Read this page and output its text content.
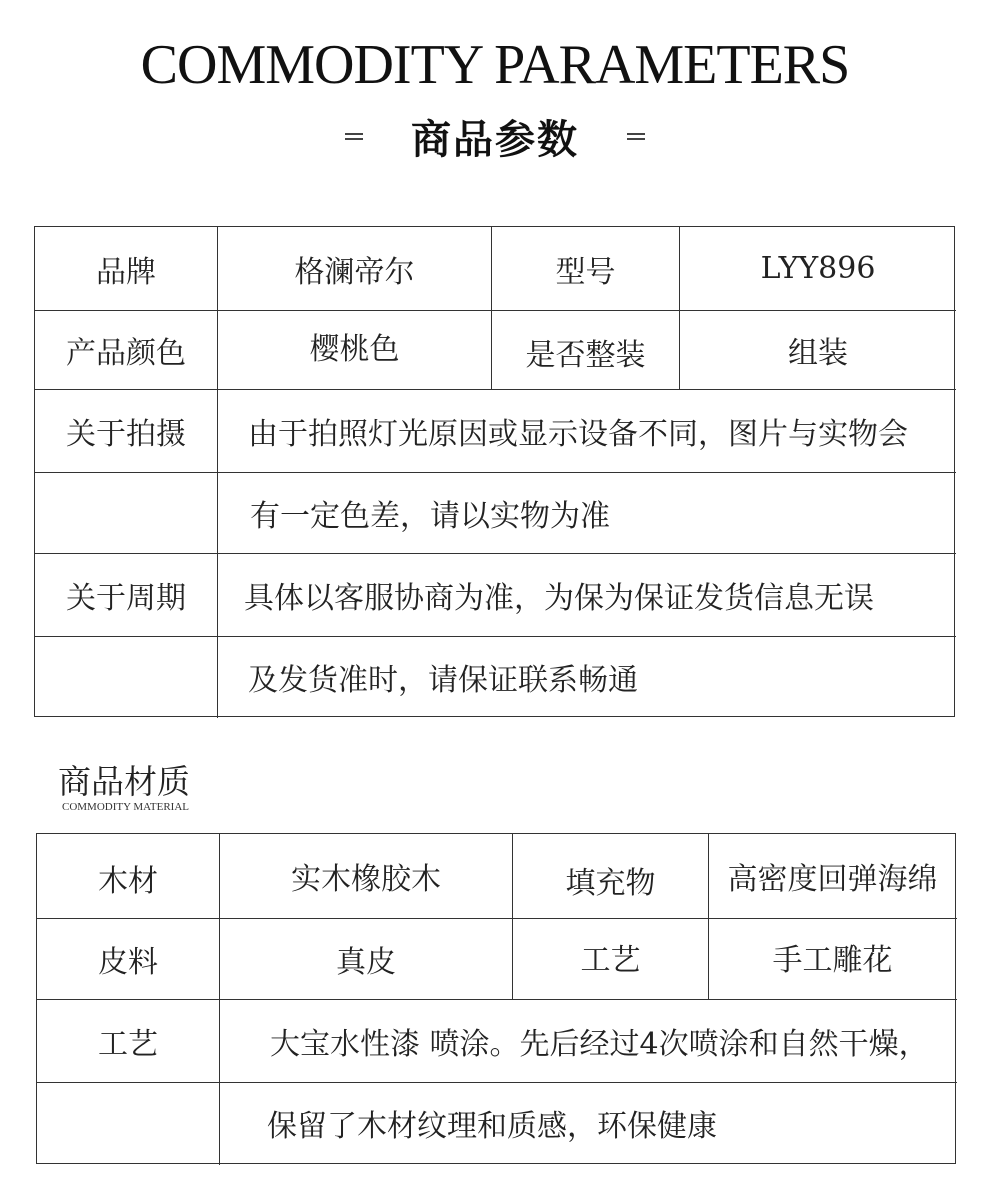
COMMODITY PARAMETERS
商品参数
品牌	格澜帝尔	型号	LYY896
产品颜色	樱桃色	是否整装	组装
关于拍摄	由于拍照灯光原因或显示设备不同，图片与实物会
有一定色差，请以实物为准
关于周期	具体以客服协商为准，为保为保证发货信息无误
及发货准时，请保证联系畅通
商品材质
COMMODITY MATERIAL
木材	实木橡胶木	填充物	高密度回弹海绵
皮料	真皮	工艺	手工雕花
工艺	大宝水性漆 喷涂。先后经过4次喷涂和自然干燥，
保留了木材纹理和质感，环保健康
